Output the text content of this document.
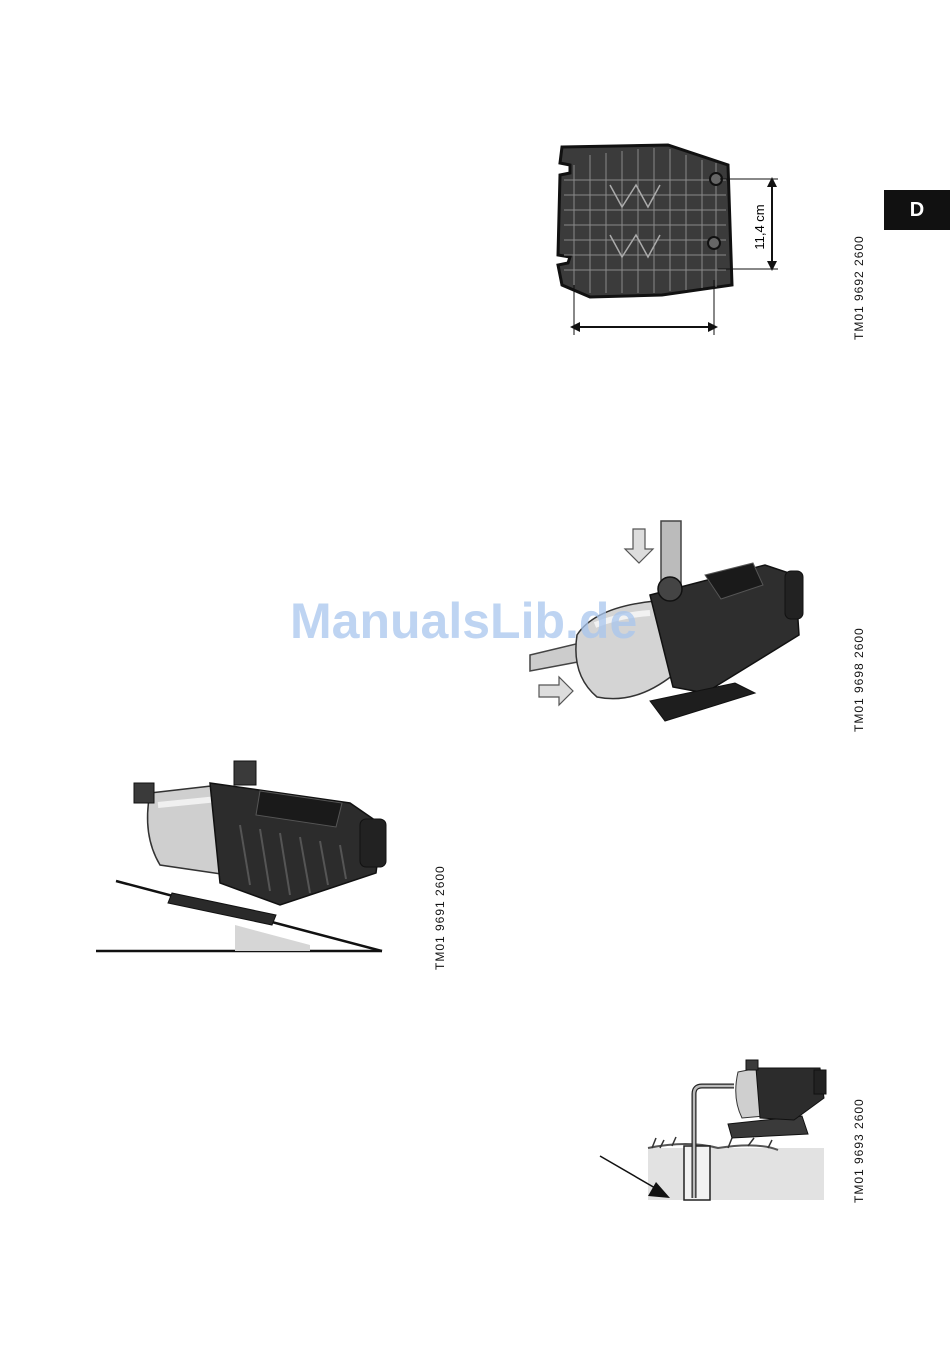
D
11,4 cm
TM01 9692 2600
TM01 9698 2600
ManualsLib.de
TM01 9691 2600
TM01 9693 2600
